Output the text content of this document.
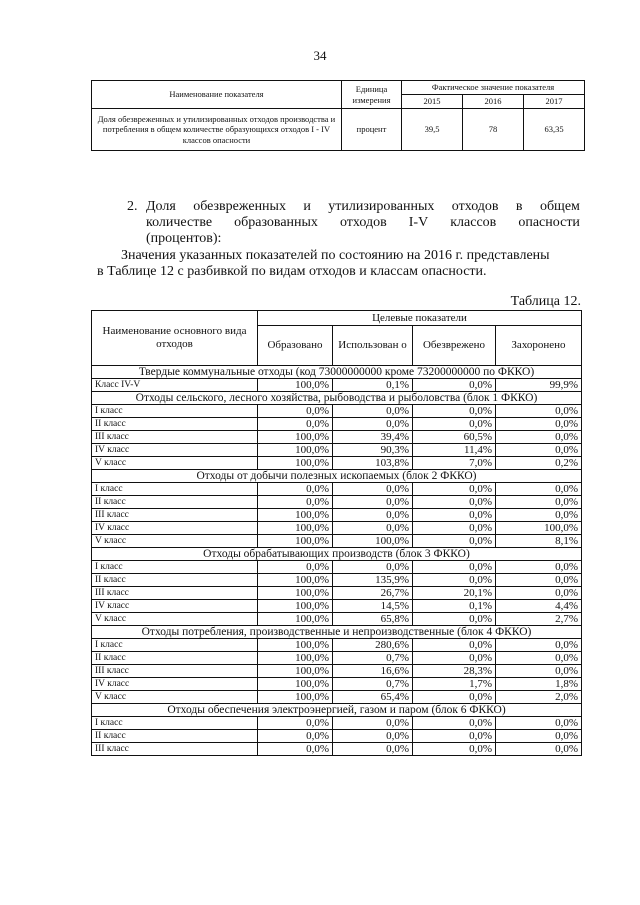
34
Наименование показателя	Единица измерения	Фактическое значение показателя		
		2015	2016	2017
Доля обезвреженных и утилизированных отходов производства и потребления в общем количестве образующихся отходов I - IV классов опасности	процент	39,5	78	63,35
2. Доля обезвреженных и утилизированных отходов в общем
количестве образованных отходов I-V классов опасности
(процентов):
Значения указанных показателей по состоянию на 2016 г. представлены
в Таблице 12 с разбивкой по видам отходов и классам опасности.
Таблица 12.
Наименование основного вида отходов	Целевые показатели			
	Образовано	Использован о	Обезврежено	Захоронено
Твердые коммунальные отходы (код 73000000000 кроме 73200000000 по ФККО)				
Класс IV-V	100,0%	0,1%	0,0%	99,9%
Отходы сельского, лесного хозяйства, рыбоводства и рыболовства (блок 1 ФККО)				
I класс	0,0%	0,0%	0,0%	0,0%
II класс	0,0%	0,0%	0,0%	0,0%
III класс	100,0%	39,4%	60,5%	0,0%
IV класс	100,0%	90,3%	11,4%	0,0%
V класс	100,0%	103,8%	7,0%	0,2%
Отходы от добычи полезных ископаемых (блок 2 ФККО)				
I класс	0,0%	0,0%	0,0%	0,0%
II класс	0,0%	0,0%	0,0%	0,0%
III класс	100,0%	0,0%	0,0%	0,0%
IV класс	100,0%	0,0%	0,0%	100,0%
V класс	100,0%	100,0%	0,0%	8,1%
Отходы обрабатывающих производств (блок 3 ФККО)				
I класс	0,0%	0,0%	0,0%	0,0%
II класс	100,0%	135,9%	0,0%	0,0%
III класс	100,0%	26,7%	20,1%	0,0%
IV класс	100,0%	14,5%	0,1%	4,4%
V класс	100,0%	65,8%	0,0%	2,7%
Отходы потребления, производственные и непроизводственные (блок 4 ФККО)				
I класс	100,0%	280,6%	0,0%	0,0%
II класс	100,0%	0,7%	0,0%	0,0%
III класс	100,0%	16,6%	28,3%	0,0%
IV класс	100,0%	0,7%	1,7%	1,8%
V класс	100,0%	65,4%	0,0%	2,0%
Отходы обеспечения электроэнергией, газом и паром (блок 6 ФККО)				
I класс	0,0%	0,0%	0,0%	0,0%
II класс	0,0%	0,0%	0,0%	0,0%
III класс	0,0%	0,0%	0,0%	0,0%
